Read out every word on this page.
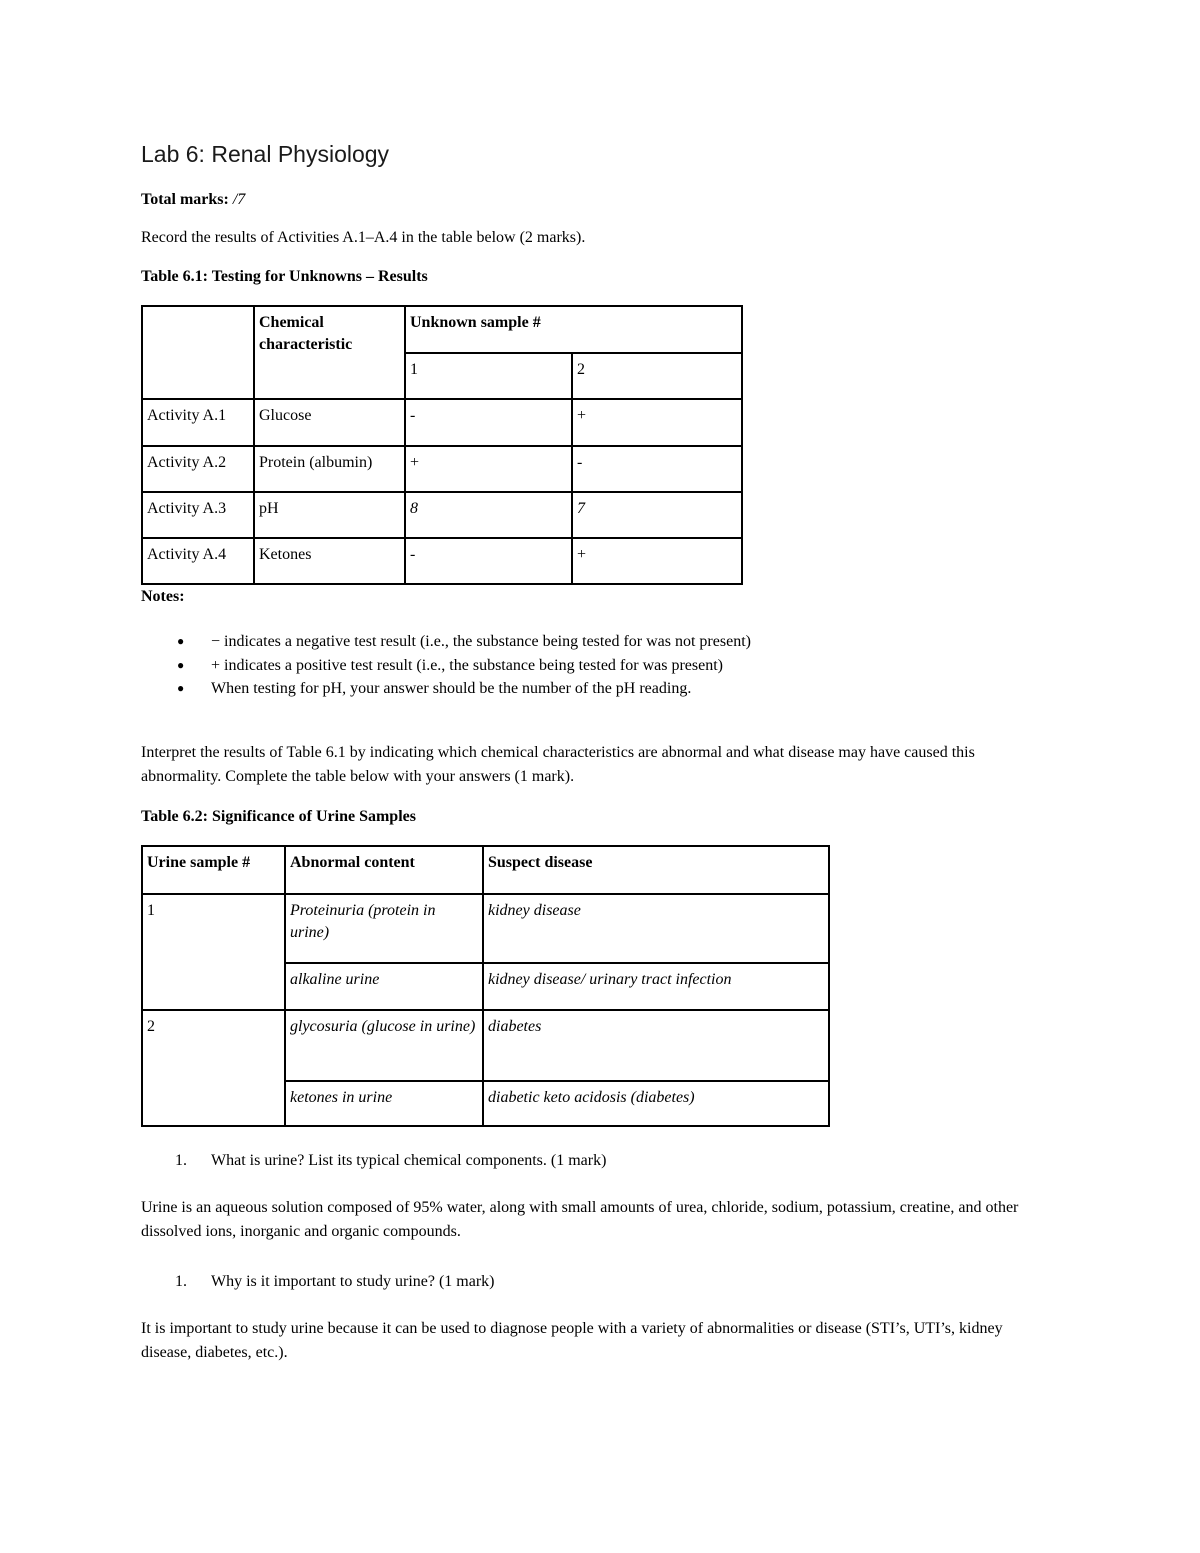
Lab 6: Renal Physiology
Total marks: /7
Record the results of Activities A.1–A.4 in the table below (2 marks).
Table 6.1: Testing for Unknowns – Results
	Chemical characteristic	Unknown sample #	
		1	2
Activity A.1	Glucose	-	+
Activity A.2	Protein (albumin)	+	-
Activity A.3	pH	8	7
Activity A.4	Ketones	-	+
Notes:
● − indicates a negative test result (i.e., the substance being tested for was not present)
● + indicates a positive test result (i.e., the substance being tested for was present)
● When testing for pH, your answer should be the number of the pH reading.
Interpret the results of Table 6.1 by indicating which chemical characteristics are abnormal and what disease may have caused this abnormality. Complete the table below with your answers (1 mark).
Table 6.2: Significance of Urine Samples
Urine sample #	Abnormal content	Suspect disease
1	Proteinuria (protein in urine)	kidney disease
	alkaline urine	kidney disease/ urinary tract infection
2	glycosuria (glucose in urine)	diabetes
	ketones in urine	diabetic keto acidosis (diabetes)
1. What is urine? List its typical chemical components. (1 mark)
Urine is an aqueous solution composed of 95% water, along with small amounts of urea, chloride, sodium, potassium, creatine, and other dissolved ions, inorganic and organic compounds.
1. Why is it important to study urine? (1 mark)
It is important to study urine because it can be used to diagnose people with a variety of abnormalities or disease (STI’s, UTI’s, kidney disease, diabetes, etc.).
